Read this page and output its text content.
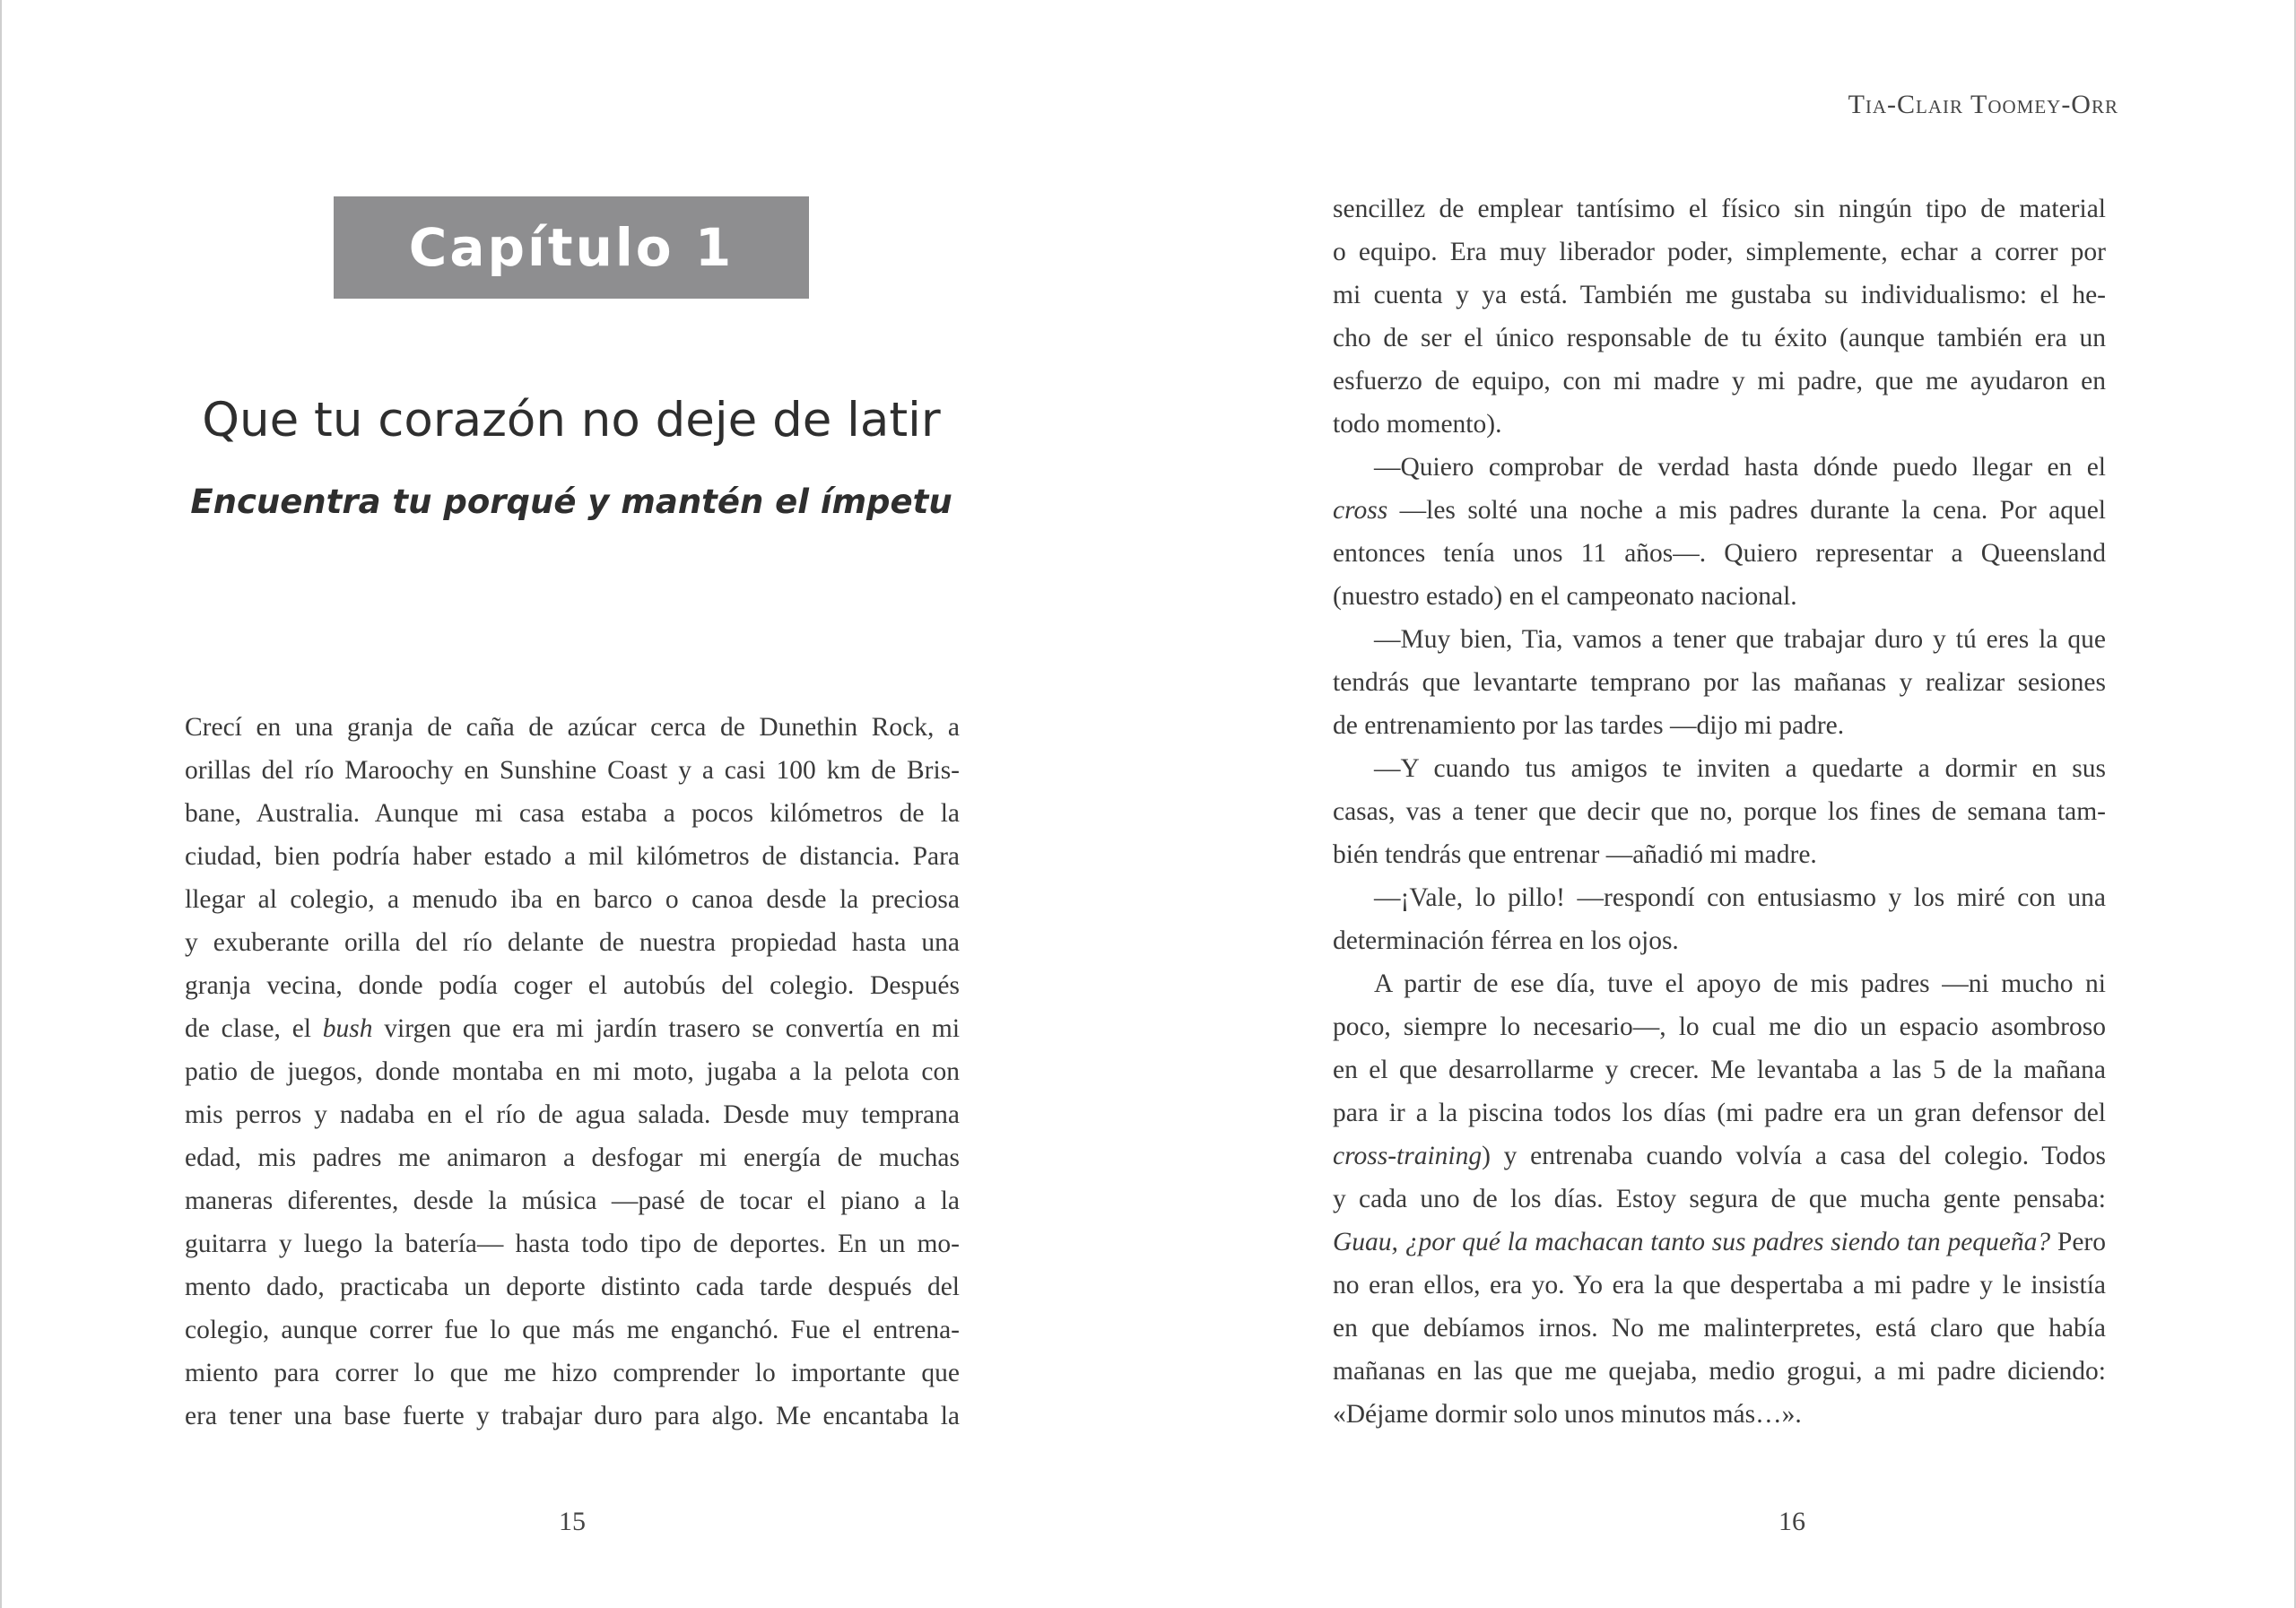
Capítulo 1
Que tu corazón no deje de latir
Encuentra tu porqué y mantén el ímpetu
Crecí en una granja de caña de azúcar cerca de Dunethin Rock, a
orillas del río Maroochy en Sunshine Coast y a casi 100 km de Bris-
bane, Australia. Aunque mi casa estaba a pocos kilómetros de la
ciudad, bien podría haber estado a mil kilómetros de distancia. Para
llegar al colegio, a menudo iba en barco o canoa desde la preciosa
y exuberante orilla del río delante de nuestra propiedad hasta una
granja vecina, donde podía coger el autobús del colegio. Después
de clase, el bush virgen que era mi jardín trasero se convertía en mi
patio de juegos, donde montaba en mi moto, jugaba a la pelota con
mis perros y nadaba en el río de agua salada. Desde muy temprana
edad, mis padres me animaron a desfogar mi energía de muchas
maneras diferentes, desde la música —pasé de tocar el piano a la
guitarra y luego la batería— hasta todo tipo de deportes. En un mo-
mento dado, practicaba un deporte distinto cada tarde después del
colegio, aunque correr fue lo que más me enganchó. Fue el entrena-
miento para correr lo que me hizo comprender lo importante que
era tener una base fuerte y trabajar duro para algo. Me encantaba la
15
Tia-Clair Toomey-Orr
sencillez de emplear tantísimo el físico sin ningún tipo de material
o equipo. Era muy liberador poder, simplemente, echar a correr por
mi cuenta y ya está. También me gustaba su individualismo: el he-
cho de ser el único responsable de tu éxito (aunque también era un
esfuerzo de equipo, con mi madre y mi padre, que me ayudaron en
todo momento).
—Quiero comprobar de verdad hasta dónde puedo llegar en el
cross —les solté una noche a mis padres durante la cena. Por aquel
entonces tenía unos 11 años—. Quiero representar a Queensland
(nuestro estado) en el campeonato nacional.
—Muy bien, Tia, vamos a tener que trabajar duro y tú eres la que
tendrás que levantarte temprano por las mañanas y realizar sesiones
de entrenamiento por las tardes —dijo mi padre.
—Y cuando tus amigos te inviten a quedarte a dormir en sus
casas, vas a tener que decir que no, porque los fines de semana tam-
bién tendrás que entrenar —añadió mi madre.
—¡Vale, lo pillo! —respondí con entusiasmo y los miré con una
determinación férrea en los ojos.
A partir de ese día, tuve el apoyo de mis padres —ni mucho ni
poco, siempre lo necesario—, lo cual me dio un espacio asombroso
en el que desarrollarme y crecer. Me levantaba a las 5 de la mañana
para ir a la piscina todos los días (mi padre era un gran defensor del
cross-training) y entrenaba cuando volvía a casa del colegio. Todos
y cada uno de los días. Estoy segura de que mucha gente pensaba:
Guau, ¿por qué la machacan tanto sus padres siendo tan pequeña? Pero
no eran ellos, era yo. Yo era la que despertaba a mi padre y le insistía
en que debíamos irnos. No me malinterpretes, está claro que había
mañanas en las que me quejaba, medio grogui, a mi padre diciendo:
«Déjame dormir solo unos minutos más…».
16
